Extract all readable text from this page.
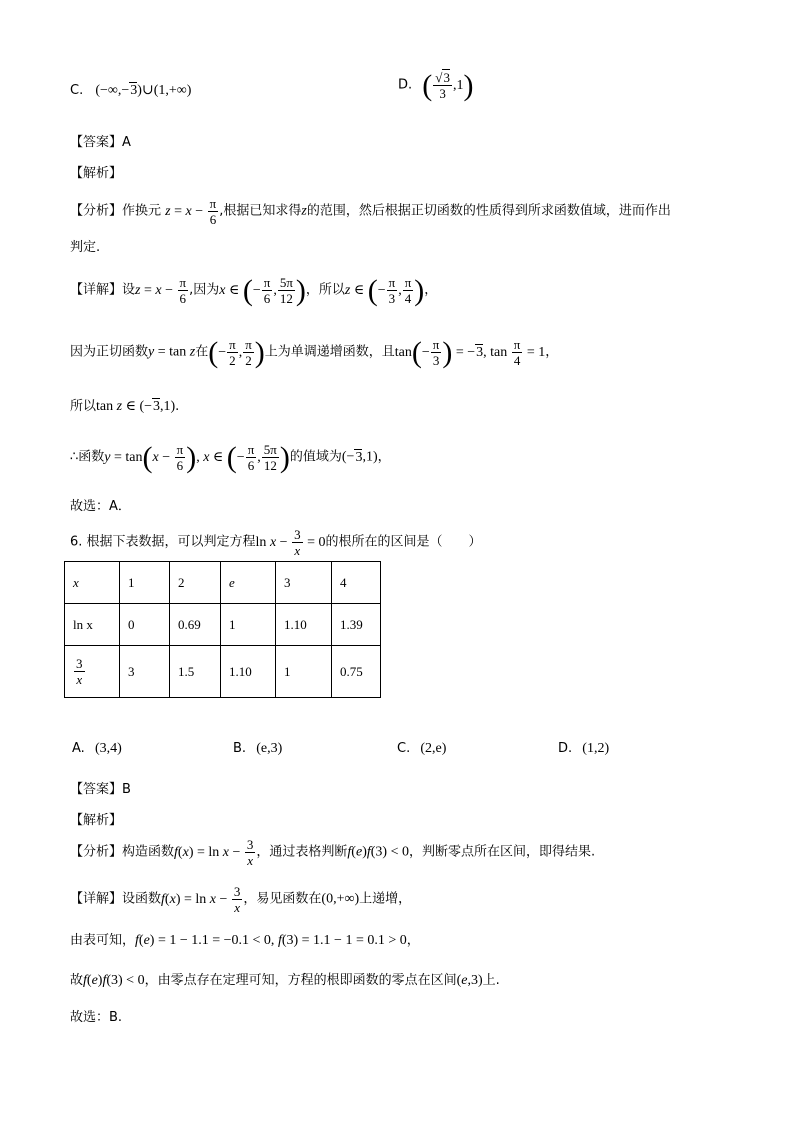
C. (−∞,−3)∪(1,+∞)	D. ( $\frac{√3}{3} ,1$)
【答案】A
【解析】
【分析】作换元 $z = x - \frac{\pi}{6}$ ,根据已知求得z的范围，然后根据正切函数的性质得到所求函数值域，进而作出
判定.
【详解】设$z = x - \frac{\pi}{6}$ ,因为x ∈ (− $\frac{\pi}{6}$ , $\frac{5\pi}{12}$ )，所以z ∈ (− $\frac{\pi}{3}$ , $\frac{\pi}{4}$ )，
因为正切函数y = tan z在(− $\frac{\pi}{2}$ , $\frac{\pi}{2}$ )上为单调递增函数，且$\tan(- \frac{\pi}{3}$ ) = −3, $\tan \frac{\pi}{4} = 1$，
所以tan z ∈ (−3,1).
∴函数$y = \tan(x - \frac{\pi}{6}$ ), x ∈ (− $\frac{\pi}{6}$ , $\frac{5\pi}{12}$ )的值域为(−3,1)，
故选：A．
6. 根据下表数据，可以判定方程$\ln x - \frac{3}{x} = 0$的根所在的区间是（　　）
x	1	2	e	3	4
ln x	0	0.69	1	1.10	1.39

$\frac{3}{x}$	3	1.5	1.10	1	0.75
A. (3,4)	B. (e,3)	C. (2,e)	D. (1,2)
【答案】B
【解析】
【分析】构造函数$f(x) = \ln x - \frac{3}{x}$ ，通过表格判断f(e)f(3) < 0，判断零点所在区间，即得结果.
【详解】设函数$f(x) = \ln x - \frac{3}{x}$ ，易见函数在(0,+∞)上递增，
由表可知，f(e) = 1 − 1.1 = −0.1 < 0, f(3) = 1.1 − 1 = 0.1 > 0，
故f(e)f(3) < 0，由零点存在定理可知，方程的根即函数的零点在区间(e,3)上.
故选：B.
